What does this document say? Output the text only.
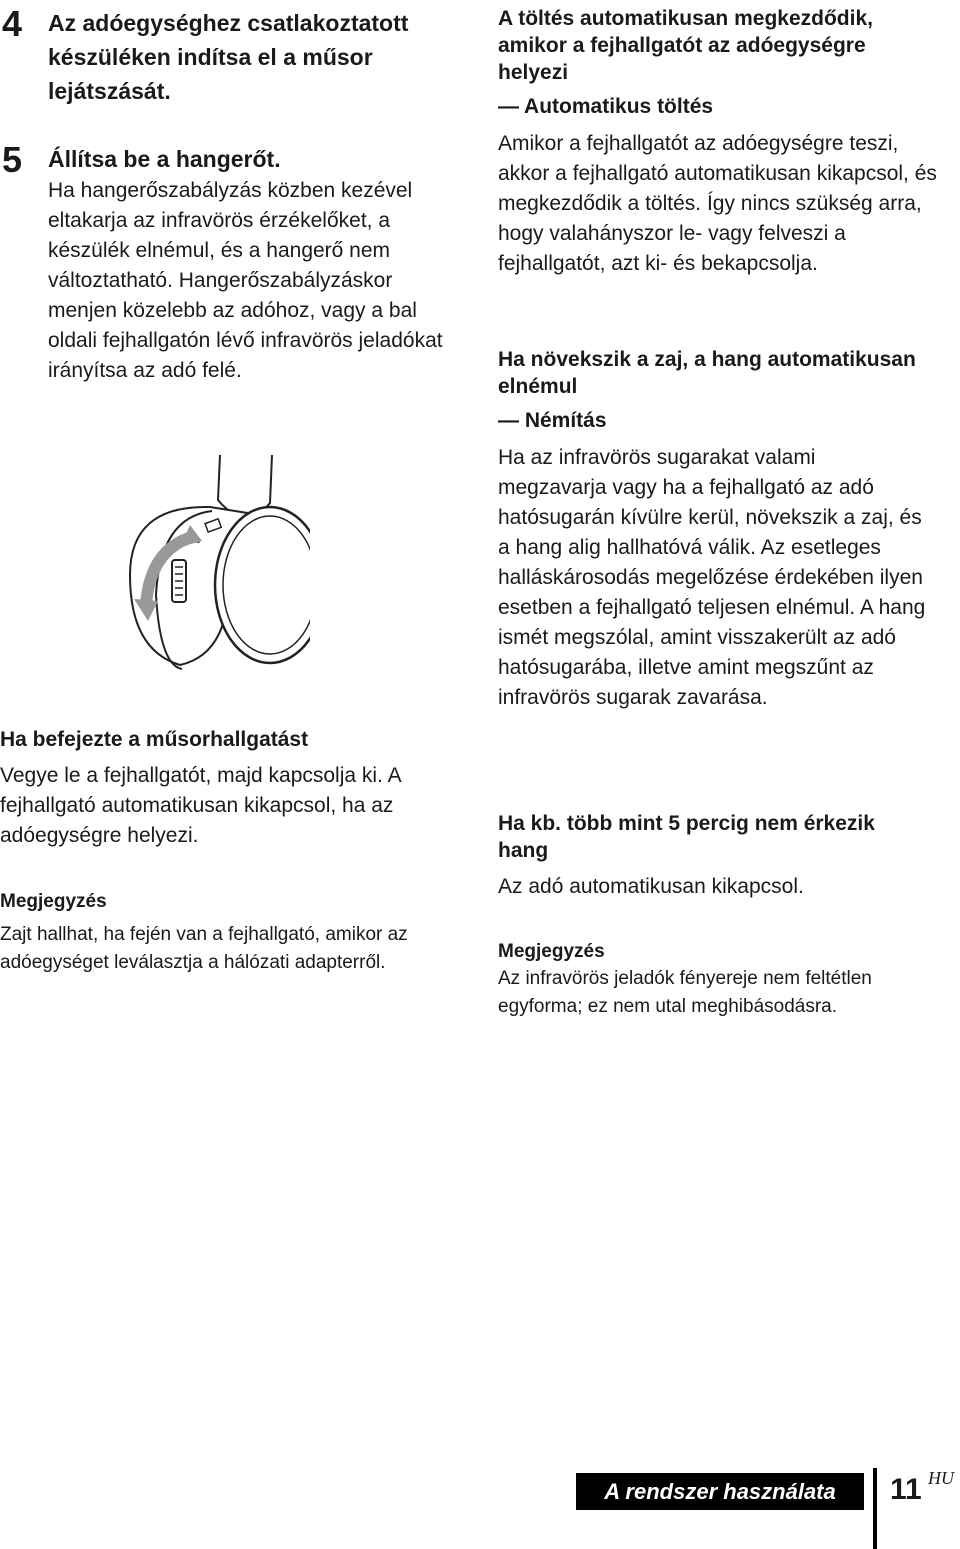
4 Az adóegységhez csatlakoztatott készüléken indítsa el a műsor lejátszását.

5 Állítsa be a hangerőt.

Ha hangerőszabályzás közben kezével eltakarja az infravörös érzékelőket, a készülék elnémul, és a hangerő nem változtatható. Hangerőszabályzáskor menjen közelebb az adóhoz, vagy a bal oldali fejhallgatón lévő infravörös jeladókat irányítsa az adó felé.

Ha befejezte a műsorhallgatást

Vegye le a fejhallgatót, majd kapcsolja ki. A fejhallgató automatikusan kikapcsol, ha az adóegységre helyezi.

Megjegyzés

Zajt hallhat, ha fején van a fejhallgató, amikor az adóegységet leválasztja a hálózati adapterről.

A töltés automatikusan megkezdődik, amikor a fejhallgatót az adóegységre helyezi

— Automatikus töltés

Amikor a fejhallgatót az adóegységre teszi, akkor a fejhallgató automatikusan kikapcsol, és megkezdődik a töltés. Így nincs szükség arra, hogy valahányszor le- vagy felveszi a fejhallgatót, azt ki- és bekapcsolja.

Ha növekszik a zaj, a hang automatikusan elnémul

— Némítás

Ha az infravörös sugarakat valami megzavarja vagy ha a fejhallgató az adó hatósugarán kívülre kerül, növekszik a zaj, és a hang alig hallhatóvá válik. Az esetleges halláskárosodás megelőzése érdekében ilyen esetben a fejhallgató teljesen elnémul. A hang ismét megszólal, amint visszakerült az adó hatósugarába, illetve amint megszűnt az infravörös sugarak zavarása.

Ha kb. több mint 5 percig nem érkezik hang

Az adó automatikusan kikapcsol.

Megjegyzés

Az infravörös jeladók fényereje nem feltétlen egyforma; ez nem utal meghibásodásra.

A rendszer használata	11 HU
